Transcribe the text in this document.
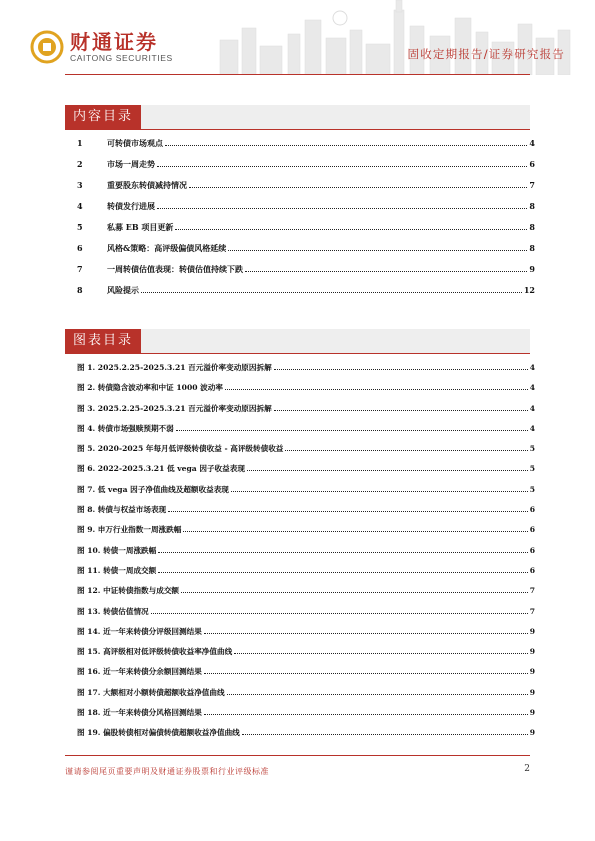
财通证券
CAITONG SECURITIES	固收定期报告/证券研究报告
内容目录
1	可转债市场观点	4
2	市场一周走势	6
3	重要股东转债减持情况	7
4	转债发行进展	8
5	私募 EB 项目更新	8
6	风格&策略：高评级偏债风格延续	8
7	一周转债估值表现：转债估值持续下跌	9
8	风险提示	12
图表目录
图 1. 2025.2.25-2025.3.21 百元溢价率变动原因拆解	4
图 2. 转债隐含波动率和中证 1000 波动率	4
图 3. 2025.2.25-2025.3.21 百元溢价率变动原因拆解	4
图 4. 转债市场强赎预期不弱	4
图 5. 2020-2025 年每月低评级转债收益 - 高评级转债收益	5
图 6. 2022-2025.3.21 低 vega 因子收益表现	5
图 7. 低 vega 因子净值曲线及超额收益表现	5
图 8. 转债与权益市场表现	6
图 9. 申万行业指数一周涨跌幅	6
图 10. 转债一周涨跌幅	6
图 11. 转债一周成交额	6
图 12. 中证转债指数与成交额	7
图 13. 转债估值情况	7
图 14. 近一年来转债分评级回测结果	9
图 15. 高评级相对低评级转债收益率净值曲线	9
图 16. 近一年来转债分余额回测结果	9
图 17. 大额相对小额转债超额收益净值曲线	9
图 18. 近一年来转债分风格回测结果	9
图 19. 偏股转债相对偏债转债超额收益净值曲线	9
谨请参阅尾页重要声明及财通证券股票和行业评级标准	2
